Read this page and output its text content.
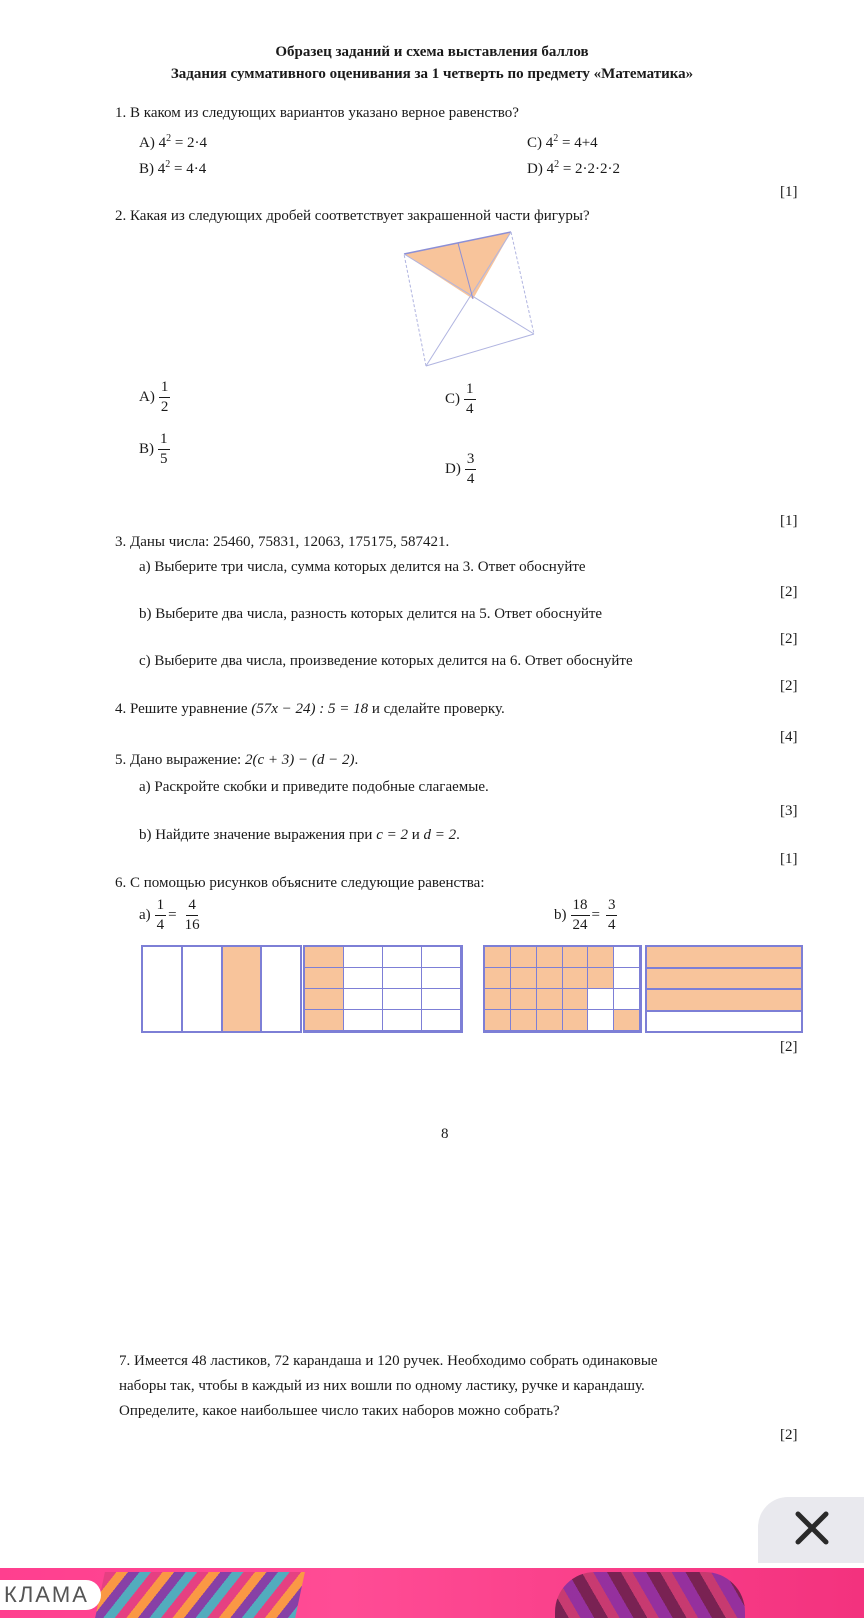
Образец заданий и схема выставления баллов
Задания суммативного оценивания за 1 четверть по предмету «Математика»
1. В каком из следующих вариантов указано верное равенство?
A) $4^2 = 2\cdot 4$
B) $4^2 = 4\cdot 4$
C) $4^2 = 4+4$
D) $4^2 = 2\cdot 2\cdot 2\cdot 2$
[1]
2. Какая из следующих дробей соответствует закрашенной части фигуры?
$A) \frac{1}{2}$
$B) \frac{1}{5}$
$C) \frac{1}{4}$
$D) \frac{3}{4}$
[1]
3. Даны числа: 25460, 75831, 12063, 175175, 587421.
а) Выберите три числа, сумма которых делится на 3. Ответ обоснуйте
[2]
b) Выберите два числа, разность которых делится на 5. Ответ обоснуйте
[2]
c) Выберите два числа, произведение которых делится на 6. Ответ обоснуйте
[2]
4. Решите уравнение (57x − 24) : 5 = 18 и сделайте проверку.
[4]
5. Дано выражение: 2(c + 3) − (d − 2).
а) Раскройте скобки и приведите подобные слагаемые.
[3]
b) Найдите значение выражения при c = 2 и d = 2.
[1]
6. С помощью рисунков объясните следующие равенства:
$а) \frac{1}{4} = \frac{4}{16}$	$b) \frac{18}{24} = \frac{3}{4}$
[2]
8
7. Имеется 48 ластиков, 72 карандаша и 120 ручек. Необходимо собрать одинаковые
наборы так, чтобы в каждый из них вошли по одному ластику, ручке и карандашу.
Определите, какое наибольшее число таких наборов можно собрать?
[2]
КЛАМА
